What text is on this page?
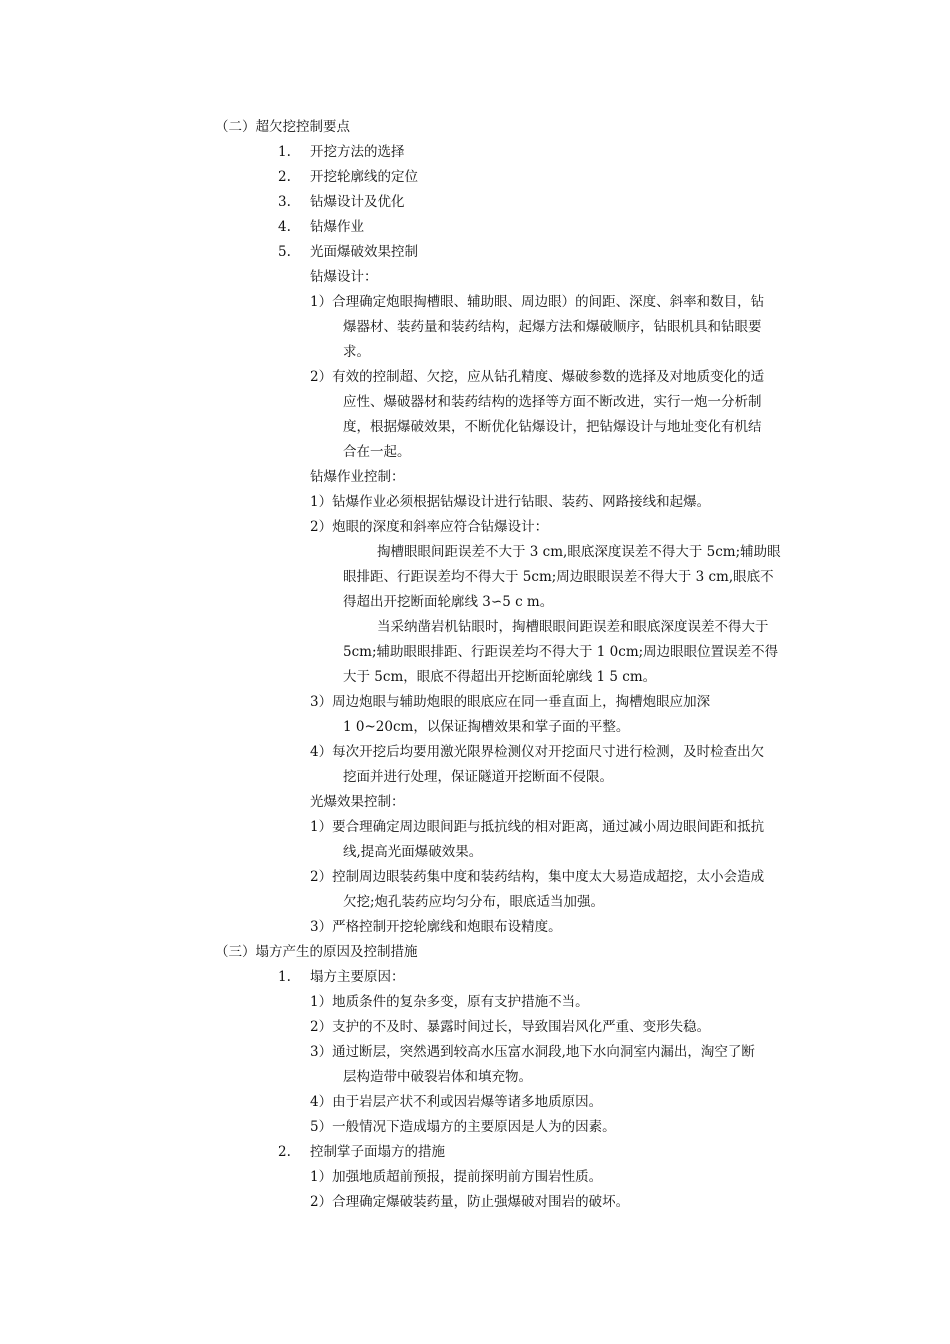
（二）超欠挖控制要点
1. 开挖方法的选择
2. 开挖轮廓线的定位
3. 钻爆设计及优化
4. 钻爆作业
5. 光面爆破效果控制
钻爆设计：
1）合理确定炮眼掏槽眼、辅助眼、周边眼）的间距、深度、斜率和数目，钻
爆器材、装药量和装药结构，起爆方法和爆破顺序，钻眼机具和钻眼要
求。
2）有效的控制超、欠挖，应从钻孔精度、爆破参数的选择及对地质变化的适
应性、爆破器材和装药结构的选择等方面不断改进，实行一炮一分析制
度，根据爆破效果，不断优化钻爆设计，把钻爆设计与地址变化有机结
合在一起。
钻爆作业控制：
1）钻爆作业必须根据钻爆设计进行钻眼、装药、网路接线和起爆。
2）炮眼的深度和斜率应符合钻爆设计：
掏槽眼眼间距误差不大于 3 cm,眼底深度误差不得大于 5cm;辅助眼
眼排距、行距误差均不得大于 5cm;周边眼眼误差不得大于 3 cm,眼底不
得超出开挖断面轮廓线 3∽5 c m。
当采纳凿岩机钻眼时，掏槽眼眼间距误差和眼底深度误差不得大于
5cm;辅助眼眼排距、行距误差均不得大于 1 0cm;周边眼眼位置误差不得
大于 5cm，眼底不得超出开挖断面轮廓线 1 5 cm。
3）周边炮眼与辅助炮眼的眼底应在同一垂直面上，掏槽炮眼应加深
1 0~20cm，以保证掏槽效果和掌子面的平整。
4）每次开挖后均要用激光限界检测仪对开挖面尺寸进行检测，及时检查出欠
挖面并进行处理，保证隧道开挖断面不侵限。
光爆效果控制：
1）要合理确定周边眼间距与抵抗线的相对距离，通过减小周边眼间距和抵抗
线,提高光面爆破效果。
2）控制周边眼装药集中度和装药结构，集中度太大易造成超挖，太小会造成
欠挖;炮孔装药应均匀分布，眼底适当加强。
3）严格控制开挖轮廓线和炮眼布设精度。
（三）塌方产生的原因及控制措施
1. 塌方主要原因：
1）地质条件的复杂多变，原有支护措施不当。
2）支护的不及时、暴露时间过长，导致围岩风化严重、变形失稳。
3）通过断层，突然遇到较高水压富水洞段,地下水向洞室内漏出，淘空了断
层构造带中破裂岩体和填充物。
4）由于岩层产状不利或因岩爆等诸多地质原因。
5）一般情况下造成塌方的主要原因是人为的因素。
2. 控制掌子面塌方的措施
1）加强地质超前预报，提前探明前方围岩性质。
2）合理确定爆破装药量，防止强爆破对围岩的破坏。
